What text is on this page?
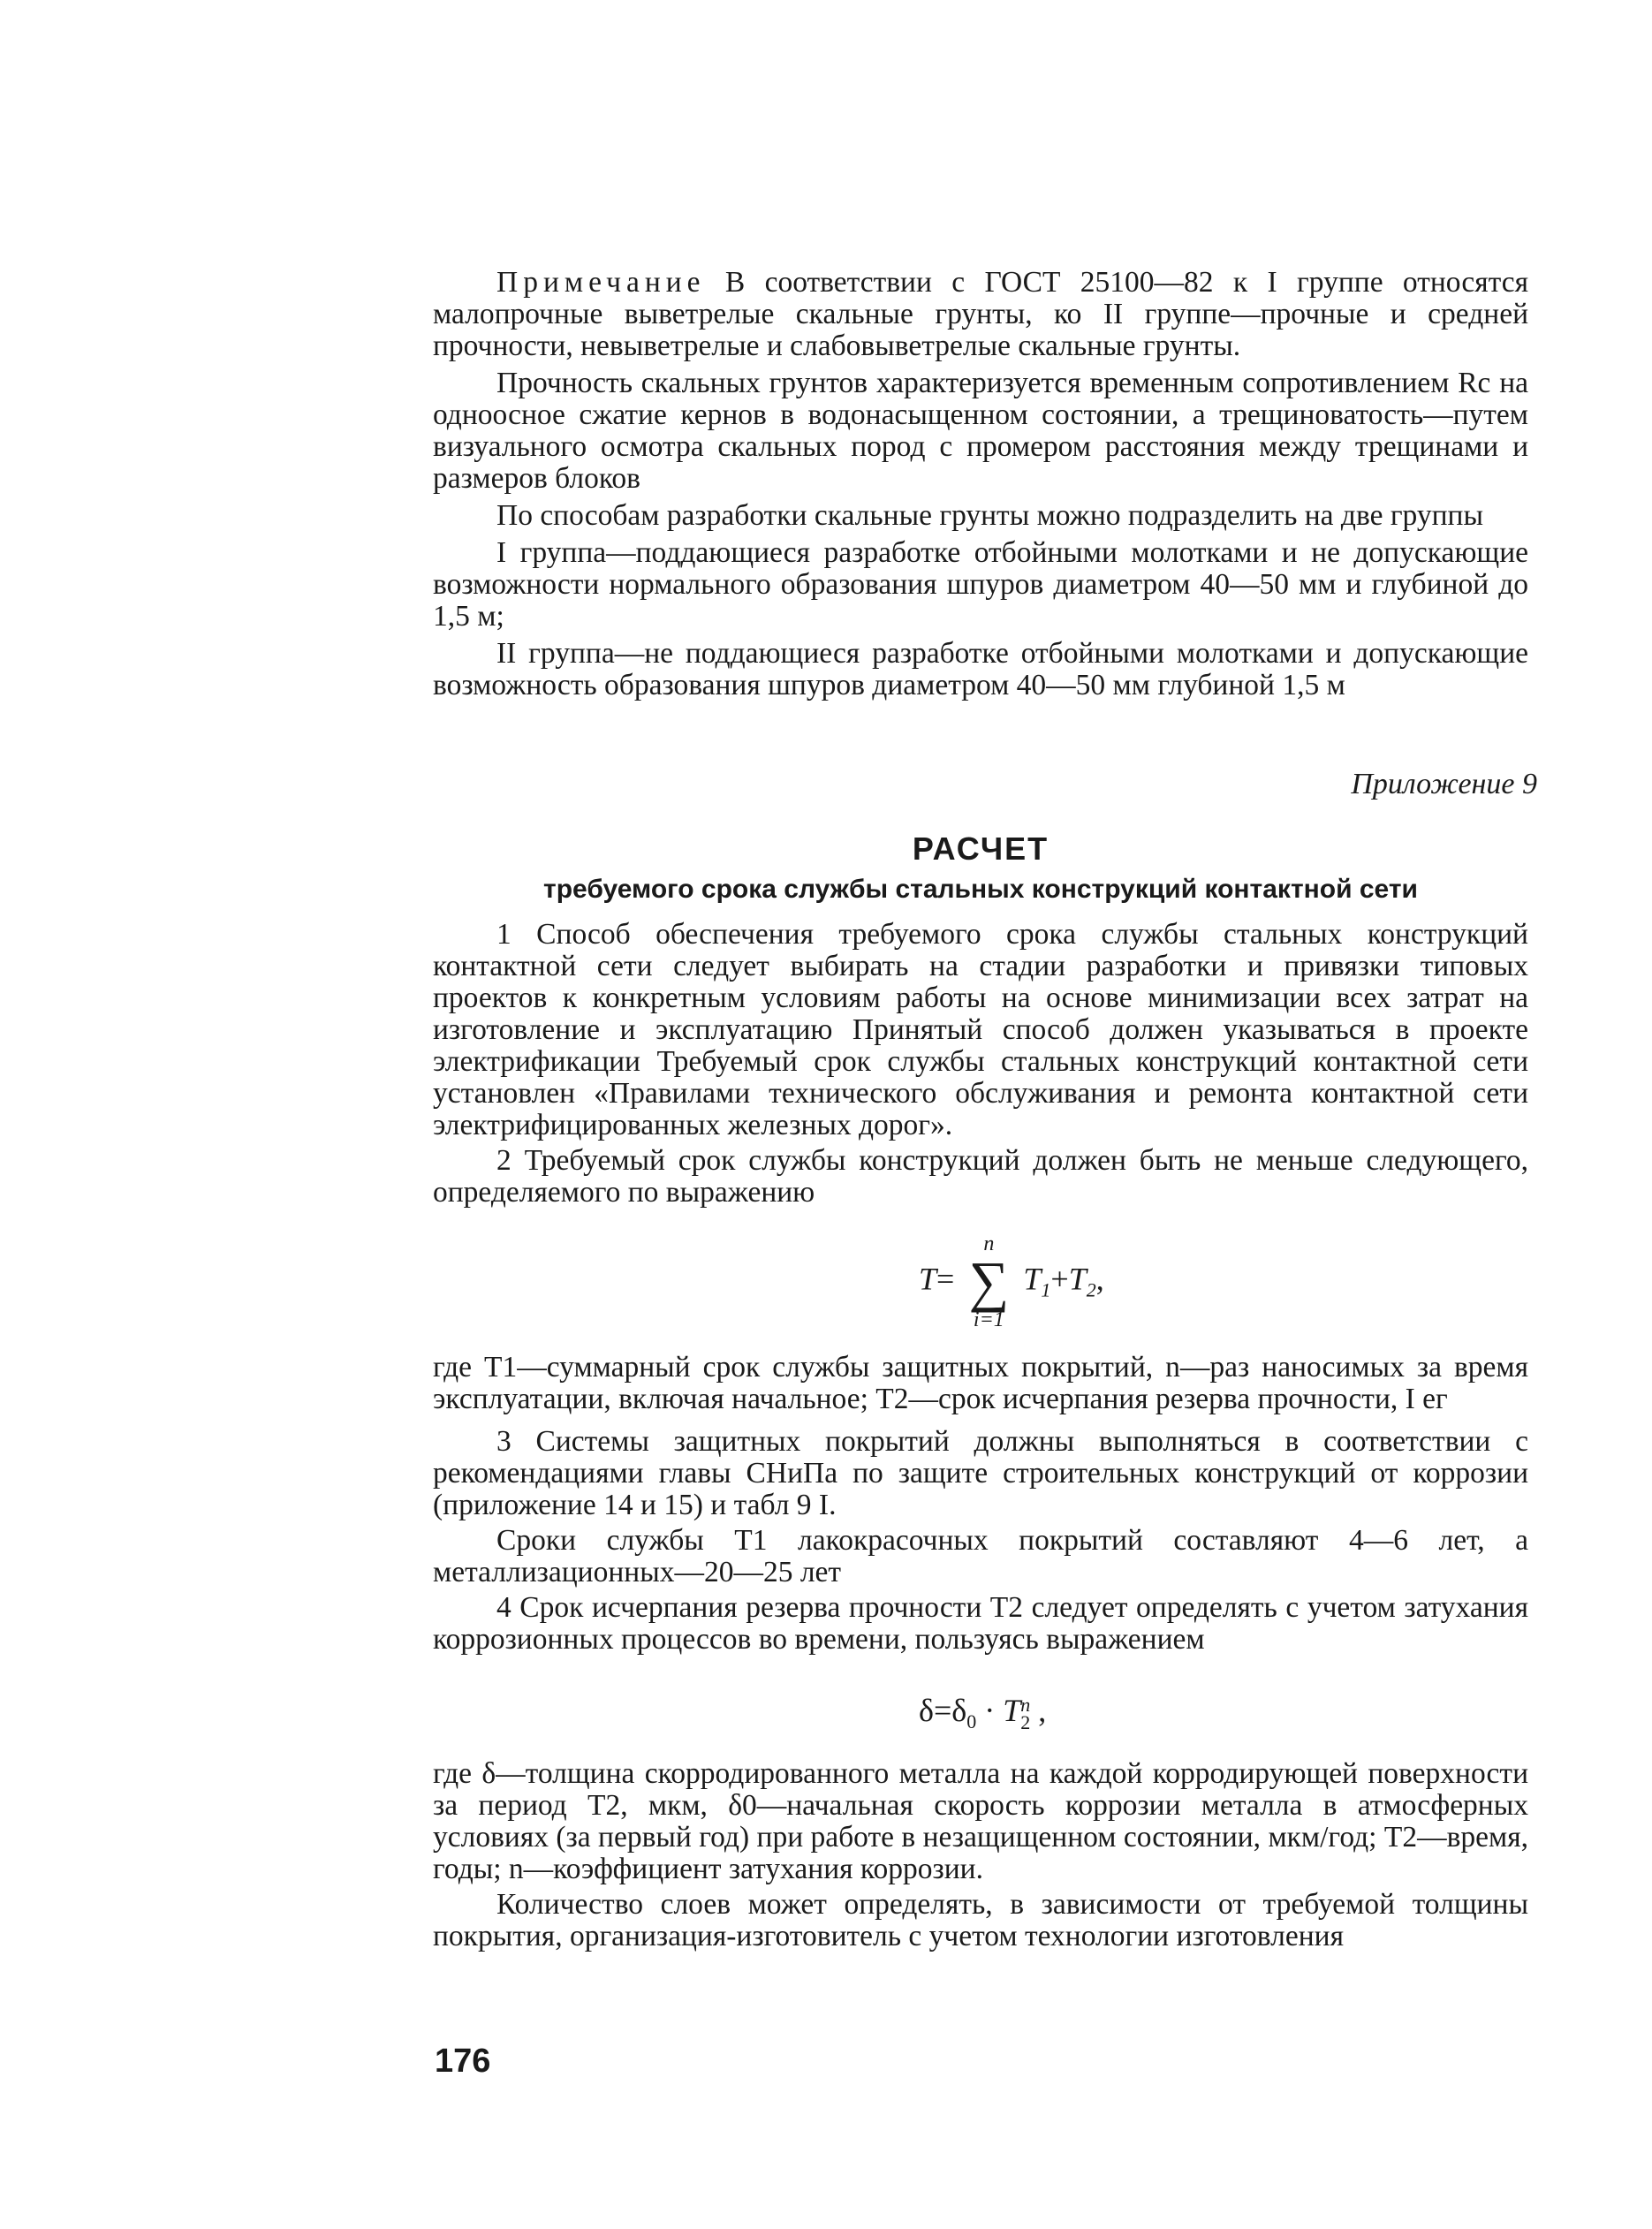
Примечание В соответствии с ГОСТ 25100—82 к I группе относятся малопрочные выветрелые скальные грунты, ко II группе—прочные и средней прочности, невыветрелые и слабовыветрелые скальные грунты.

Прочность скальных грунтов характеризуется временным сопротивлением Rc на одноосное сжатие кернов в водонасыщенном состоянии, а трещиноватость—путем визуального осмотра скальных пород с промером расстояния между трещинами и размеров блоков

По способам разработки скальные грунты можно подразделить на две группы

I группа—поддающиеся разработке отбойными молотками и не допускающие возможности нормального образования шпуров диаметром 40—50 мм и глубиной до 1,5 м;

II группа—не поддающиеся разработке отбойными молотками и допускающие возможность образования шпуров диаметром 40—50 мм глубиной 1,5 м

Приложение 9
РАСЧЕТ
требуемого срока службы стальных конструкций контактной сети

1 Способ обеспечения требуемого срока службы стальных конструкций контактной сети следует выбирать на стадии разработки и привязки типовых проектов к конкретным условиям работы на основе минимизации всех затрат на изготовление и эксплуатацию Принятый способ должен указываться в проекте электрификации Требуемый срок службы стальных конструкций контактной сети установлен «Правилами технического обслуживания и ремонта контактной сети электрифицированных железных дорог».

2 Требуемый срок службы конструкций должен быть не меньше следующего, определяемого по выражению

T=
n
∑
i=1
$T_1+T_2$,

где T1—суммарный срок службы защитных покрытий, n—раз наносимых за время эксплуатации, включая начальное; T2—срок исчерпания резерва прочности, I ег

3 Системы защитных покрытий должны выполняться в соответствии с рекомендациями главы СНиПа по защите строительных конструкций от коррозии (приложение 14 и 15) и табл 9 I.

Сроки службы T1 лакокрасочных покрытий составляют 4—6 лет, а металлизационных—20—25 лет

4 Срок исчерпания резерва прочности T2 следует определять с учетом затухания коррозионных процессов во времени, пользуясь выражением

$\delta=\delta_0 \cdot T$ n
2 ,

где δ—толщина скорродированного металла на каждой корродирующей поверхности за период T2, мкм, δ0—начальная скорость коррозии металла в атмосферных условиях (за первый год) при работе в незащищенном состоянии, мкм/год; T2—время, годы; n—коэффициент затухания коррозии.

Количество слоев может определять, в зависимости от требуемой толщины покрытия, организация-изготовитель с учетом технологии изготовления

176
